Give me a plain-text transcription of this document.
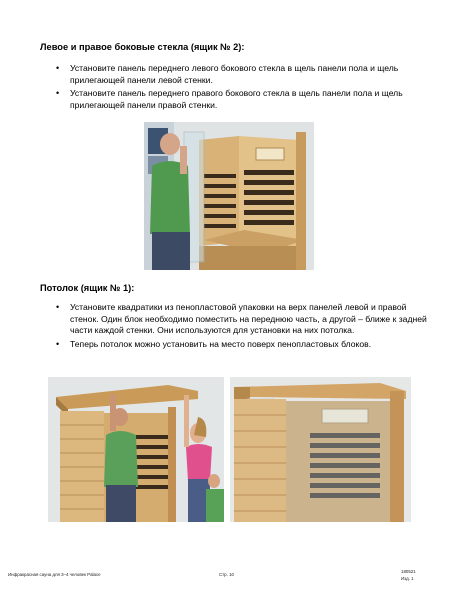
Левое и правое боковые стекла (ящик № 2):
• Установите панель переднего левого бокового стекла в щель панели пола и щель прилегающей панели левой стенки.
• Установите панель переднего правого бокового стекла в щель панели пола и щель прилегающей панели правой стенки.
Потолок (ящик № 1):
• Установите квадратики из пенопластовой упаковки на верх панелей левой и правой стенок. Один блок необходимо поместить на переднюю часть, а другой – ближе к задней части каждой стенки. Они используются для установки на них потолка.
• Теперь потолок можно установить на место поверх пенопластовых блоков.
Инфракрасная сауна для 3–4 человек Palace	Стр. 10
180521
Изд. 1
